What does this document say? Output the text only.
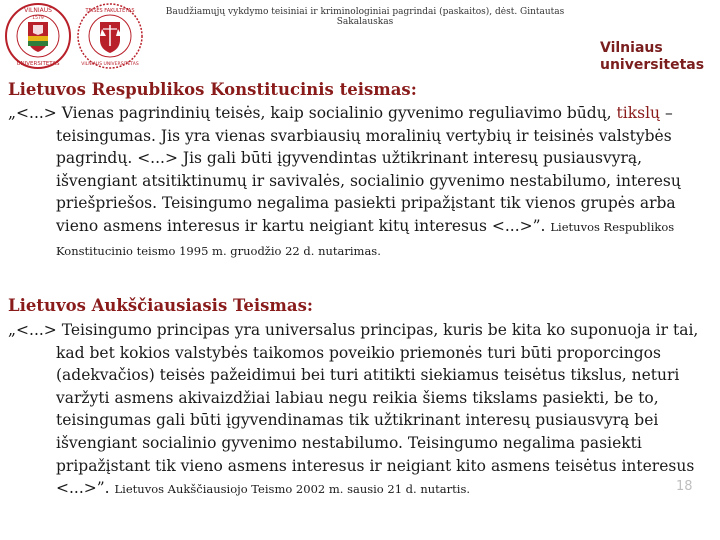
Baudžiamųjų vykdymo teisiniai ir kriminologiniai pagrindai (paskaitos), dėst. Gintautas Sakalauskas
VILNIAUS
UNIVERSITETAS
1579
TEISĖS FAKULTETAS
VILNIAUS UNIVERSITETAS
Vilniaus
universitetas
Lietuvos Respublikos Konstitucinis teismas:
„<...> Vienas pagrindinių teisės, kaip socialinio gyvenimo reguliavimo būdų, tikslų – teisingumas. Jis yra vienas svarbiausių moralinių vertybių ir teisinės valstybės pagrindų. <...> Jis gali būti įgyvendintas užtikrinant interesų pusiausvyrą, išvengiant atsitiktinumų ir savivalės, socialinio gyvenimo nestabilumo, interesų priešpriešos. Teisingumo negalima pasiekti pripažįstant tik vienos grupės arba vieno asmens interesus ir kartu neigiant kitų interesus <...>”. Lietuvos Respublikos Konstitucinio teismo 1995 m. gruodžio 22 d. nutarimas.
Lietuvos Aukščiausiasis Teismas:
„<...> Teisingumo principas yra universalus principas, kuris be kita ko suponuoja ir tai, kad bet kokios valstybės taikomos poveikio priemonės turi būti proporcingos (adekvačios) teisės pažeidimui bei turi atitikti siekiamus teisėtus tikslus, neturi varžyti asmens akivaizdžiai labiau negu reikia šiems tikslams pasiekti, be to, teisingumas gali būti įgyvendinamas tik užtikrinant interesų pusiausvyrą bei išvengiant socialinio gyvenimo nestabilumo. Teisingumo negalima pasiekti pripažįstant tik vieno asmens interesus ir neigiant kito asmens teisėtus interesus <...>”. Lietuvos Aukščiausiojo Teismo 2002 m. sausio 21 d. nutartis.	18
